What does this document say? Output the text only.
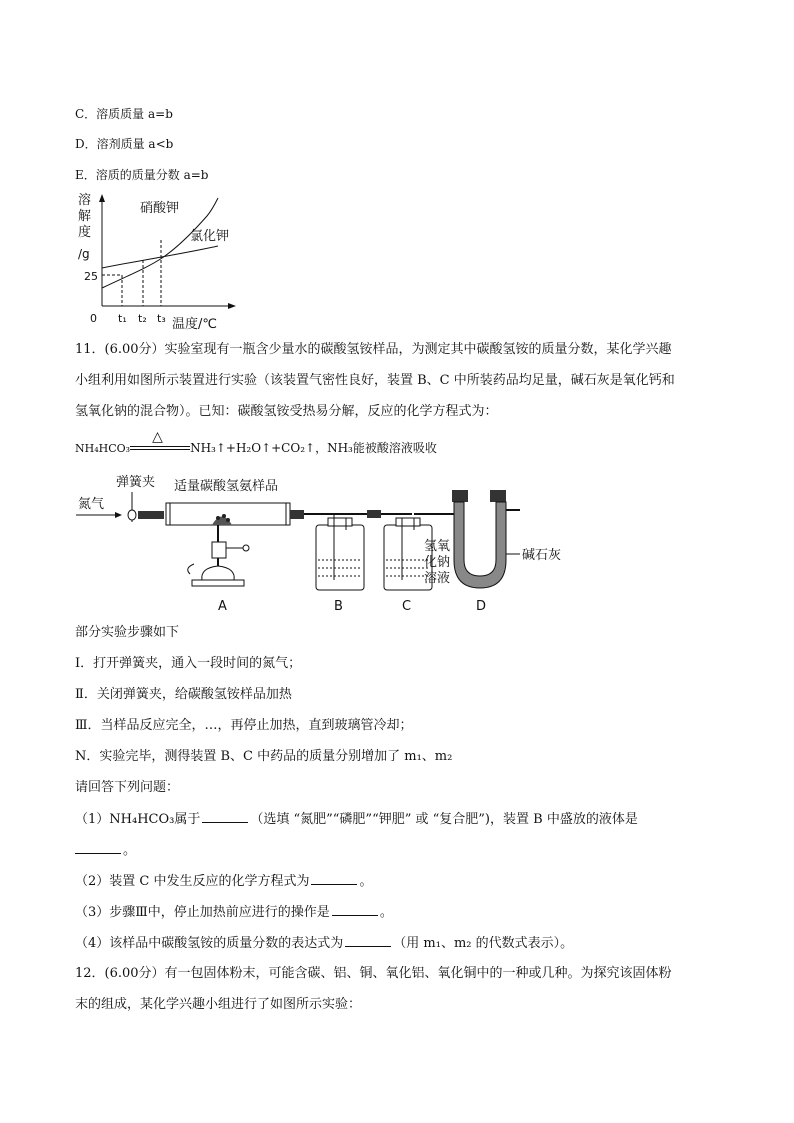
C．溶质质量 a=b
D．溶剂质量 a<b
E．溶质的质量分数 a=b
溶
解
度
/g
0
25
t₁ t₂ t₃ 温度/℃
硝酸钾
氯化钾
11．(6.00分）实验室现有一瓶含少量水的碳酸氢铵样品，为测定其中碳酸氢铵的质量分数，某化学兴趣
小组利用如图所示装置进行实验（该装置气密性良好，装置 B、C 中所装药品均足量，碱石灰是氧化钙和
氢氧化钠的混合物）。已知：碳酸氢铵受热易分解，反应的化学方程式为：
NH₄HCO₃
△
NH₃↑+H₂O↑+CO₂↑，NH₃能被酸溶液吸收
氮气
弹簧夹 适量碳酸氢氨样品
A	B	C
氢氧
化钠
溶液
碱石灰
D
部分实验步骤如下
Ⅰ．打开弹簧夹，通入一段时间的氮气；
Ⅱ．关闭弹簧夹，给碳酸氢铵样品加热
Ⅲ．当样品反应完全，…，再停止加热，直到玻璃管冷却；
N．实验完毕，测得装置 B、C 中药品的质量分别增加了 m₁、m₂
请回答下列问题：
（1）NH₄HCO₃属于	（选填 “氮肥”“磷肥”“钾肥” 或 “复合肥”)，装置 B 中盛放的液体是
。
（2）装置 C 中发生反应的化学方程式为	。
（3）步骤Ⅲ中，停止加热前应进行的操作是	。
（4）该样品中碳酸氢铵的质量分数的表达式为	（用 m₁、m₂ 的代数式表示）。
12．(6.00分）有一包固体粉末，可能含碳、铝、铜、氧化铝、氧化铜中的一种或几种。为探究该固体粉
末的组成，某化学兴趣小组进行了如图所示实验：
